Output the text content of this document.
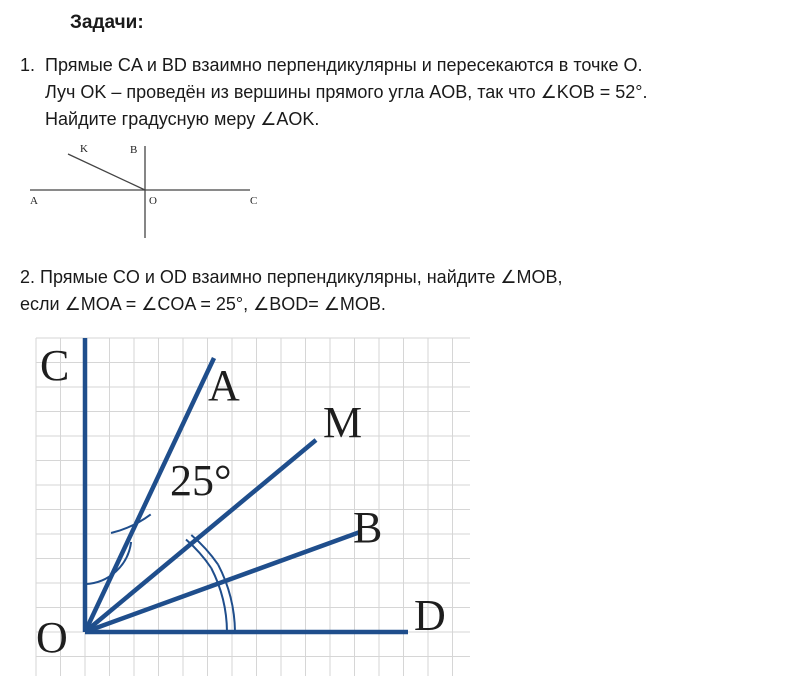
Задачи:
1. Прямые CA и BD взаимно перпендикулярны и пересекаются в точке O.
Луч OK – проведён из вершины прямого угла AOB, так что ∠KOB = 52°.
Найдите градусную меру ∠AOK.
K	B
A	O	C
2. Прямые CO и OD взаимно перпендикулярны, найдите ∠MOB,
если ∠MOA = ∠COA = 25°, ∠BOD= ∠MOB.
C	A
M
B
O	D
25°
